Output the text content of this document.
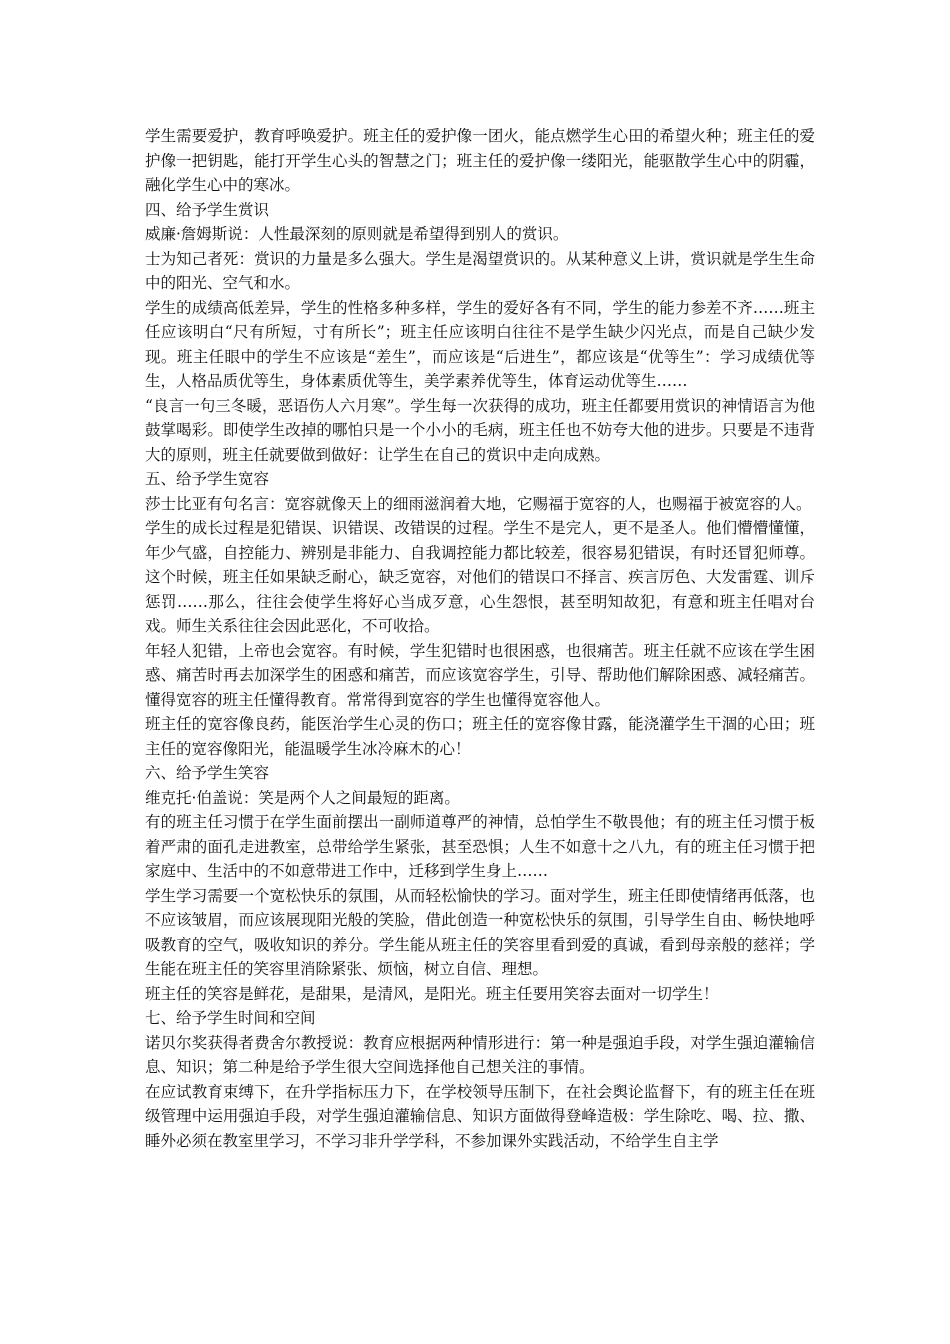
学生需要爱护，教育呼唤爱护。班主任的爱护像一团火，能点燃学生心田的希望火种；班主任的爱护像一把钥匙，能打开学生心头的智慧之门；班主任的爱护像一缕阳光，能驱散学生心中的阴霾，融化学生心中的寒冰。

四、给予学生赏识

威廉·詹姆斯说：人性最深刻的原则就是希望得到别人的赏识。

士为知己者死：赏识的力量是多么强大。学生是渴望赏识的。从某种意义上讲，赏识就是学生生命中的阳光、空气和水。

学生的成绩高低差异，学生的性格多种多样，学生的爱好各有不同，学生的能力参差不齐……班主任应该明白“尺有所短，寸有所长”；班主任应该明白往往不是学生缺少闪光点，而是自己缺少发现。班主任眼中的学生不应该是“差生”，而应该是“后进生”，都应该是“优等生”：学习成绩优等生，人格品质优等生，身体素质优等生，美学素养优等生，体育运动优等生……

“良言一句三冬暖，恶语伤人六月寒”。学生每一次获得的成功，班主任都要用赏识的神情语言为他鼓掌喝彩。即使学生改掉的哪怕只是一个小小的毛病，班主任也不妨夸大他的进步。只要是不违背大的原则，班主任就要做到做好：让学生在自己的赏识中走向成熟。

五、给予学生宽容

莎士比亚有句名言：宽容就像天上的细雨滋润着大地，它赐福于宽容的人，也赐福于被宽容的人。

学生的成长过程是犯错误、识错误、改错误的过程。学生不是完人，更不是圣人。他们懵懵懂懂，年少气盛，自控能力、辨别是非能力、自我调控能力都比较差，很容易犯错误，有时还冒犯师尊。这个时候，班主任如果缺乏耐心，缺乏宽容，对他们的错误口不择言、疾言厉色、大发雷霆、训斥惩罚……那么，往往会使学生将好心当成歹意，心生怨恨，甚至明知故犯，有意和班主任唱对台戏。师生关系往往会因此恶化，不可收拾。

年轻人犯错，上帝也会宽容。有时候，学生犯错时也很困惑，也很痛苦。班主任就不应该在学生困惑、痛苦时再去加深学生的困惑和痛苦，而应该宽容学生，引导、帮助他们解除困惑、减轻痛苦。懂得宽容的班主任懂得教育。常常得到宽容的学生也懂得宽容他人。

班主任的宽容像良药，能医治学生心灵的伤口；班主任的宽容像甘露，能浇灌学生干涸的心田；班主任的宽容像阳光，能温暖学生冰冷麻木的心！

六、给予学生笑容

维克托·伯盖说：笑是两个人之间最短的距离。

有的班主任习惯于在学生面前摆出一副师道尊严的神情，总怕学生不敬畏他；有的班主任习惯于板着严肃的面孔走进教室，总带给学生紧张，甚至恐惧；人生不如意十之八九，有的班主任习惯于把家庭中、生活中的不如意带进工作中，迁移到学生身上……

学生学习需要一个宽松快乐的氛围，从而轻松愉快的学习。面对学生，班主任即使情绪再低落，也不应该皱眉，而应该展现阳光般的笑脸，借此创造一种宽松快乐的氛围，引导学生自由、畅快地呼吸教育的空气，吸收知识的养分。学生能从班主任的笑容里看到爱的真诚，看到母亲般的慈祥；学生能在班主任的笑容里消除紧张、烦恼，树立自信、理想。

班主任的笑容是鲜花，是甜果，是清风，是阳光。班主任要用笑容去面对一切学生！

七、给予学生时间和空间

诺贝尔奖获得者费舍尔教授说：教育应根据两种情形进行：第一种是强迫手段，对学生强迫灌输信息、知识；第二种是给予学生很大空间选择他自己想关注的事情。

在应试教育束缚下，在升学指标压力下，在学校领导压制下，在社会舆论监督下，有的班主任在班级管理中运用强迫手段，对学生强迫灌输信息、知识方面做得登峰造极：学生除吃、喝、拉、撒、睡外必须在教室里学习，不学习非升学学科，不参加课外实践活动，不给学生自主学
